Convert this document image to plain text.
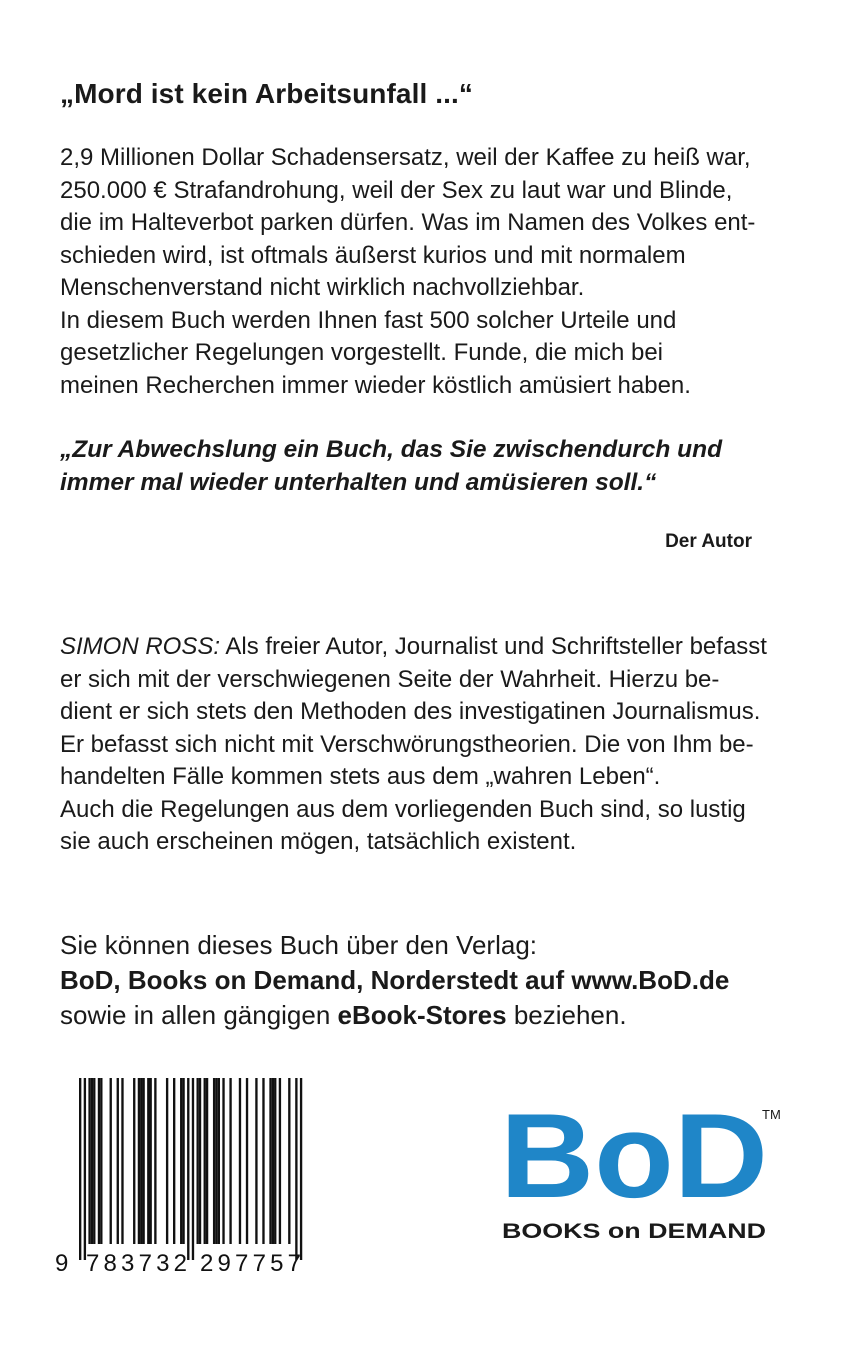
„Mord ist kein Arbeitsunfall ...“

2,9 Millionen Dollar Schadensersatz, weil der Kaffee zu heiß war,

250.000 € Strafandrohung, weil der Sex zu laut war und Blinde,

die im Halteverbot parken dürfen. Was im Namen des Volkes ent-

schieden wird, ist oftmals äußerst kurios und mit normalem

Menschenverstand nicht wirklich nachvollziehbar.

In diesem Buch werden Ihnen fast 500 solcher Urteile und

gesetzlicher Regelungen vorgestellt. Funde, die mich bei

meinen Recherchen immer wieder köstlich amüsiert haben.

„Zur Abwechslung ein Buch, das Sie zwischendurch und
immer mal wieder unterhalten und amüsieren soll.“
Der Autor

SIMON ROSS: Als freier Autor, Journalist und Schriftsteller befasst

er sich mit der verschwiegenen Seite der Wahrheit. Hierzu be-

dient er sich stets den Methoden des investigatinen Journalismus.

Er befasst sich nicht mit Verschwörungstheorien. Die von Ihm be-

handelten Fälle kommen stets aus dem „wahren Leben“.

Auch die Regelungen aus dem vorliegenden Buch sind, so lustig

sie auch erscheinen mögen, tatsächlich existent.

Sie können dieses Buch über den Verlag:

BoD, Books on Demand, Norderstedt auf www.BoD.de

sowie in allen gängigen eBook-Stores beziehen.

9 783732 297757
BoD
TM
BOOKS on DEMAND
